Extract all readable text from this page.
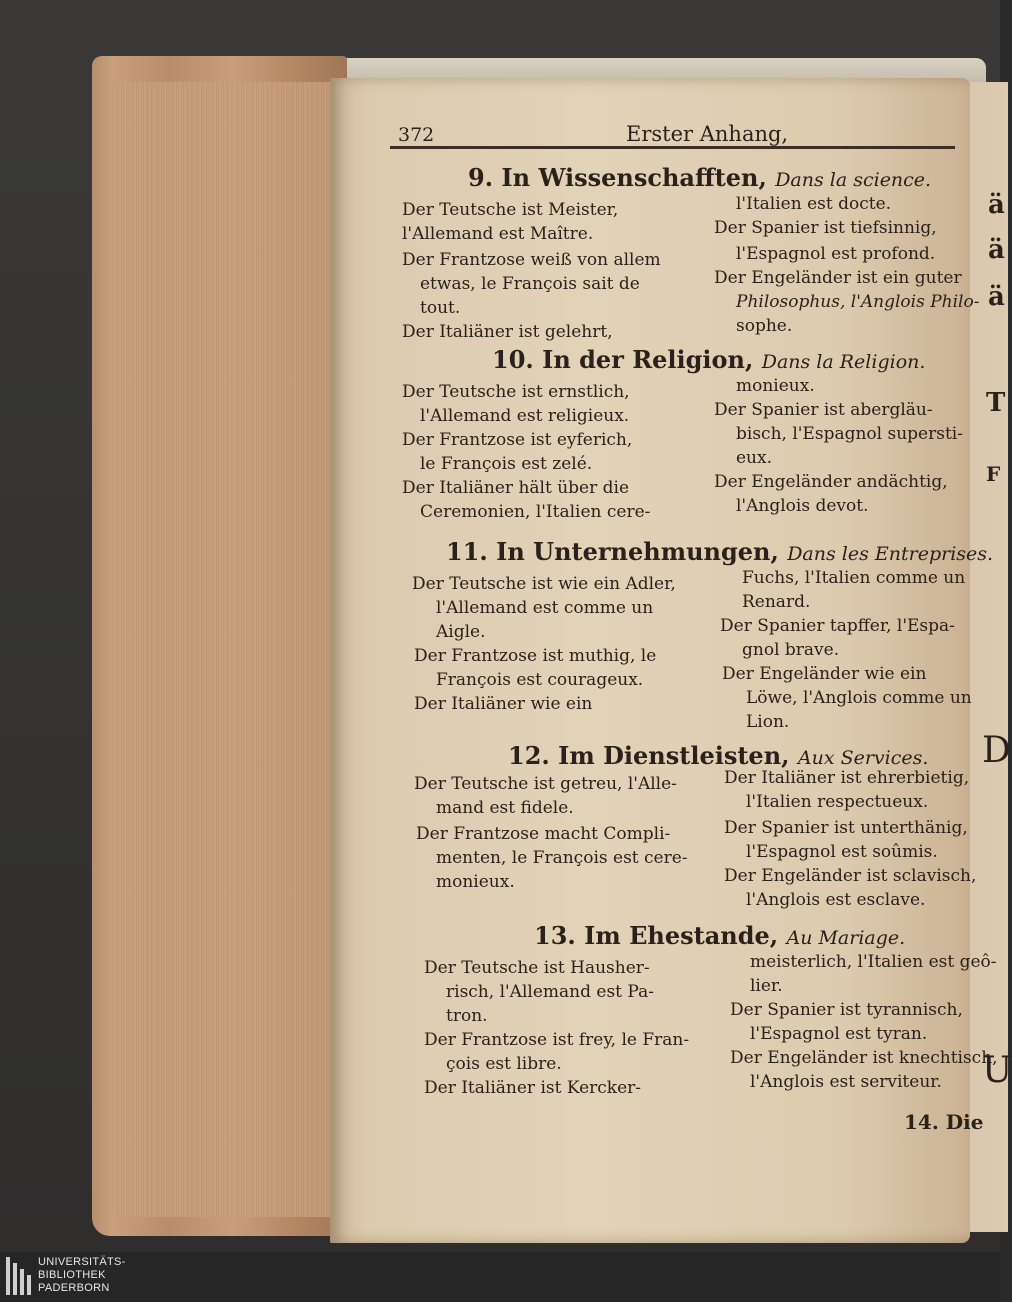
ä
ä
ä
T
F
D
U
372	Erster Anhang,
9. In Wissenschafften, Dans la science.
Der Teutsche ist Meister,
l'Allemand est Maître.
Der Frantzose weiß von allem
etwas, le François sait de
tout.
Der Italiäner ist gelehrt,
l'Italien est docte.
Der Spanier ist tiefsinnig,
l'Espagnol est profond.
Der Engeländer ist ein guter
Philosophus, l'Anglois Philo-
sophe.
10. In der Religion, Dans la Religion.
Der Teutsche ist ernstlich,
l'Allemand est religieux.
Der Frantzose ist eyferich,
le François est zelé.
Der Italiäner hält über die
Ceremonien, l'Italien cere-
monieux.
Der Spanier ist abergläu-
bisch, l'Espagnol supersti-
eux.
Der Engeländer andächtig,
l'Anglois devot.
11. In Unternehmungen, Dans les Entreprises.
Der Teutsche ist wie ein Adler,
l'Allemand est comme un
Aigle.
Der Frantzose ist muthig, le
François est courageux.
Der Italiäner wie ein
Fuchs, l'Italien comme un
Renard.
Der Spanier tapffer, l'Espa-
gnol brave.
Der Engeländer wie ein
Löwe, l'Anglois comme un
Lion.
12. Im Dienstleisten, Aux Services.
Der Teutsche ist getreu, l'Alle-
mand est fidele.
Der Frantzose macht Compli-
menten, le François est cere-
monieux.
Der Italiäner ist ehrerbietig,
l'Italien respectueux.
Der Spanier ist unterthänig,
l'Espagnol est soûmis.
Der Engeländer ist sclavisch,
l'Anglois est esclave.
13. Im Ehestande, Au Mariage.
Der Teutsche ist Hausher-
risch, l'Allemand est Pa-
tron.
Der Frantzose ist frey, le Fran-
çois est libre.
Der Italiäner ist Kercker-
meisterlich, l'Italien est geô-
lier.
Der Spanier ist tyrannisch,
l'Espagnol est tyran.
Der Engeländer ist knechtisch,
l'Anglois est serviteur.
14. Die
UNIVERSITÄTS-
BIBLIOTHEK
PADERBORN
